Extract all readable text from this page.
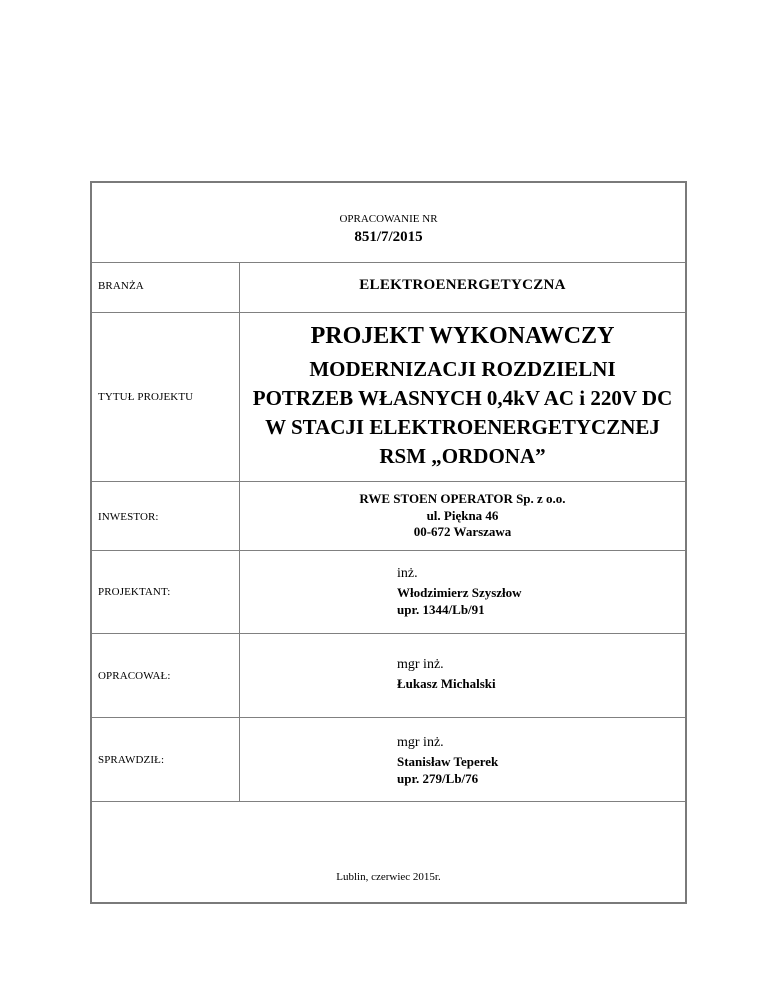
OPRACOWANIE NR
851/7/2015
BRANŻA	ELEKTROENERGETYCZNA
TYTUŁ PROJEKTU
PROJEKT WYKONAWCZY
MODERNIZACJI ROZDZIELNI
POTRZEB WŁASNYCH 0,4kV AC i 220V DC
W STACJI ELEKTROENERGETYCZNEJ
RSM „ORDONA”
INWESTOR:
RWE STOEN OPERATOR Sp. z o.o.
ul. Piękna 46
00-672 Warszawa
PROJEKTANT:
inż.
Włodzimierz Szyszłow
upr. 1344/Lb/91
OPRACOWAŁ:
mgr inż.
Łukasz Michalski
SPRAWDZIŁ:
mgr inż.
Stanisław Teperek
upr. 279/Lb/76
Lublin, czerwiec 2015r.
